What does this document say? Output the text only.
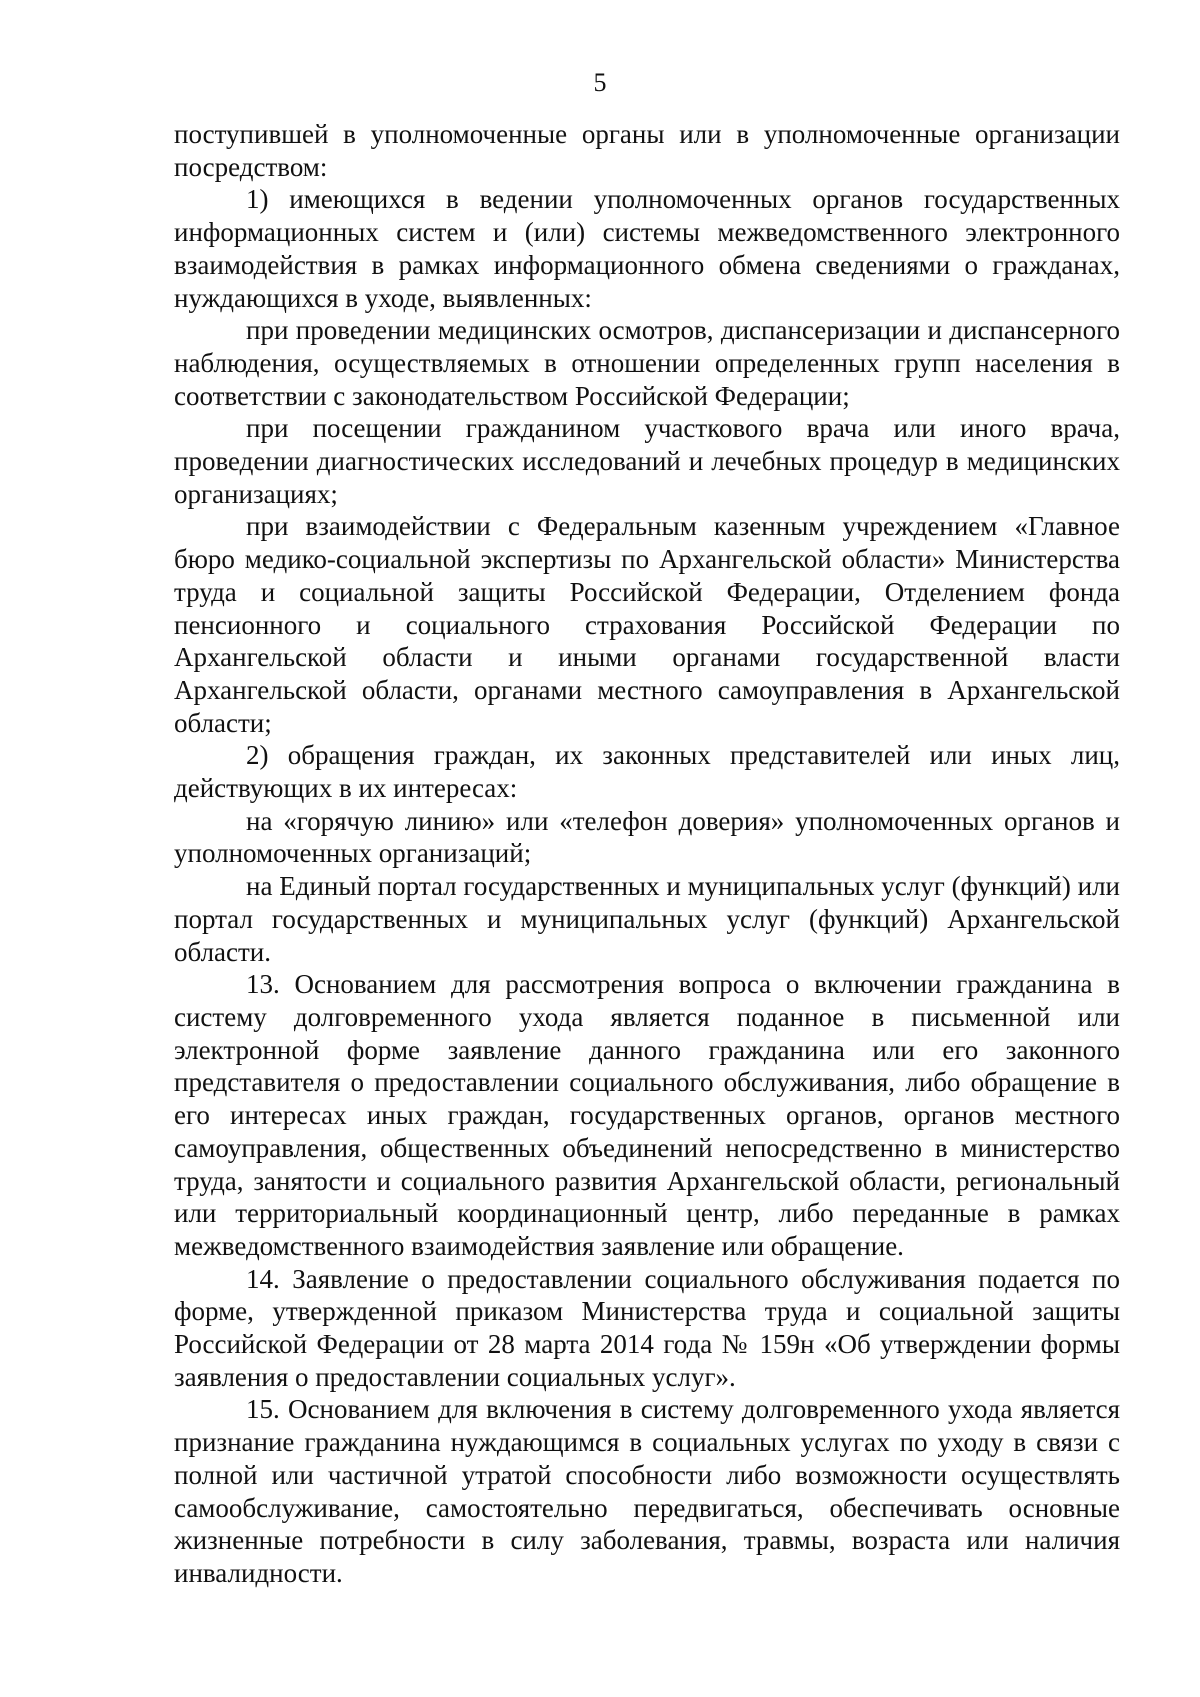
5

поступившей в уполномоченные органы или в уполномоченные организации посредством:

1) имеющихся в ведении уполномоченных органов государственных информационных систем и (или) системы межведомственного электронного взаимодействия в рамках информационного обмена сведениями о гражданах, нуждающихся в уходе, выявленных:

при проведении медицинских осмотров, диспансеризации и диспансерного наблюдения, осуществляемых в отношении определенных групп населения в соответствии с законодательством Российской Федерации;

при посещении гражданином участкового врача или иного врача, проведении диагностических исследований и лечебных процедур в медицинских организациях;

при взаимодействии с Федеральным казенным учреждением «Главное бюро медико-социальной экспертизы по Архангельской области» Министерства труда и социальной защиты Российской Федерации, Отделением фонда пенсионного и социального страхования Российской Федерации по Архангельской области и иными органами государственной власти Архангельской области, органами местного самоуправления в Архангельской области;

2) обращения граждан, их законных представителей или иных лиц, действующих в их интересах:

на «горячую линию» или «телефон доверия» уполномоченных органов и уполномоченных организаций;

на Единый портал государственных и муниципальных услуг (функций) или портал государственных и муниципальных услуг (функций) Архангельской области.

13. Основанием для рассмотрения вопроса о включении гражданина в систему долговременного ухода является поданное в письменной или электронной форме заявление данного гражданина или его законного представителя о предоставлении социального обслуживания, либо обращение в его интересах иных граждан, государственных органов, органов местного самоуправления, общественных объединений непосредственно в министерство труда, занятости и социального развития Архангельской области, региональный или территориальный координационный центр, либо переданные в рамках межведомственного взаимодействия заявление или обращение.

14. Заявление о предоставлении социального обслуживания подается по форме, утвержденной приказом Министерства труда и социальной защиты Российской Федерации от 28 марта 2014 года № 159н «Об утверждении формы заявления о предоставлении социальных услуг».

15. Основанием для включения в систему долговременного ухода является признание гражданина нуждающимся в социальных услугах по уходу в связи с полной или частичной утратой способности либо возможности осуществлять самообслуживание, самостоятельно передвигаться, обеспечивать основные жизненные потребности в силу заболевания, травмы, возраста или наличия инвалидности.
